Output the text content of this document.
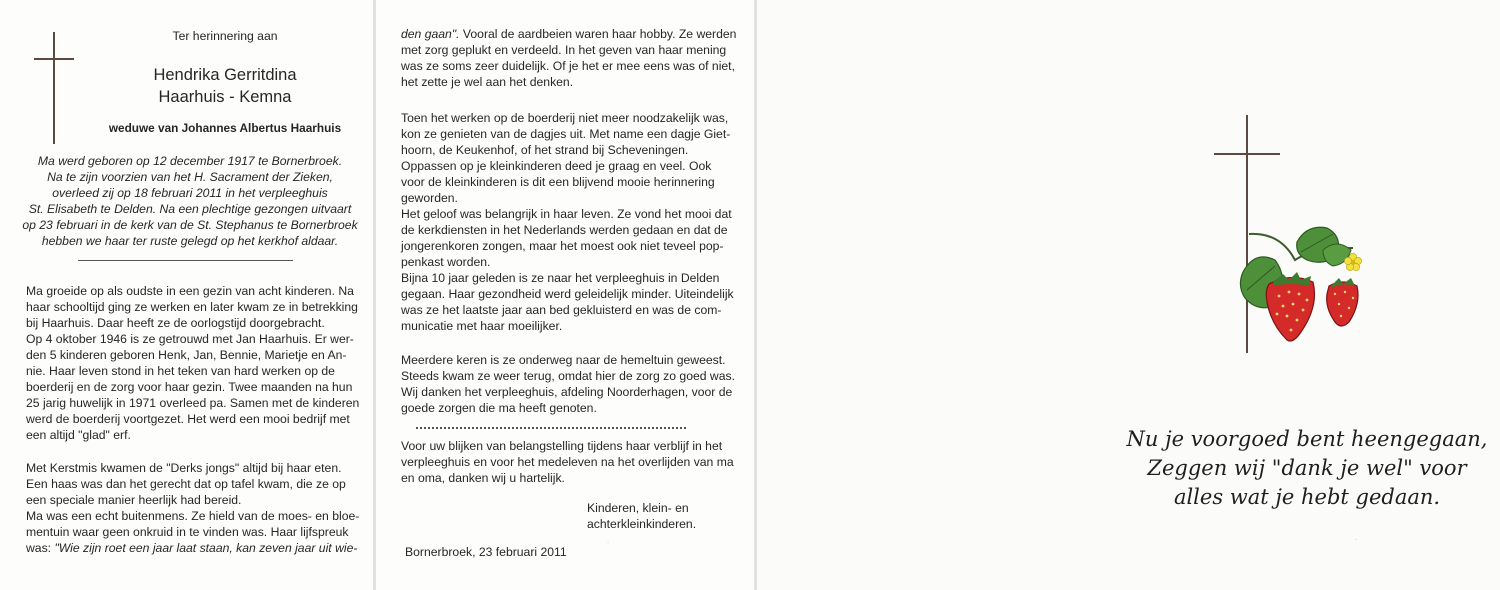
Ter herinnering aan
Hendrika Gerritdina
Haarhuis - Kemna
weduwe van Johannes Albertus Haarhuis
Ma werd geboren op 12 december 1917 te Bornerbroek.
Na te zijn voorzien van het H. Sacrament der Zieken,
overleed zij op 18 februari 2011 in het verpleeghuis
St. Elisabeth te Delden. Na een plechtige gezongen uitvaart
op 23 februari in de kerk van de St. Stephanus te Bornerbroek
hebben we haar ter ruste gelegd op het kerkhof aldaar.
Ma groeide op als oudste in een gezin van acht kinderen. Na
haar schooltijd ging ze werken en later kwam ze in betrekking
bij Haarhuis. Daar heeft ze de oorlogstijd doorgebracht.
Op 4 oktober 1946 is ze getrouwd met Jan Haarhuis. Er wer-
den 5 kinderen geboren Henk, Jan, Bennie, Marietje en An-
nie. Haar leven stond in het teken van hard werken op de
boerderij en de zorg voor haar gezin. Twee maanden na hun
25 jarig huwelijk in 1971 overleed pa. Samen met de kinderen
werd de boerderij voortgezet. Het werd een mooi bedrijf met
een altijd "glad" erf.
Met Kerstmis kwamen de "Derks jongs" altijd bij haar eten.
Een haas was dan het gerecht dat op tafel kwam, die ze op
een speciale manier heerlijk had bereid.
Ma was een echt buitenmens. Ze hield van de moes- en bloe-
mentuin waar geen onkruid in te vinden was. Haar lijfspreuk
was: "Wie zijn roet een jaar laat staan, kan zeven jaar uit wie-
den gaan". Vooral de aardbeien waren haar hobby. Ze werden
met zorg geplukt en verdeeld. In het geven van haar mening
was ze soms zeer duidelijk. Of je het er mee eens was of niet,
het zette je wel aan het denken.
Toen het werken op de boerderij niet meer noodzakelijk was,
kon ze genieten van de dagjes uit. Met name een dagje Giet-
hoorn, de Keukenhof, of het strand bij Scheveningen.
Oppassen op je kleinkinderen deed je graag en veel. Ook
voor de kleinkinderen is dit een blijvend mooie herinnering
geworden.
Het geloof was belangrijk in haar leven. Ze vond het mooi dat
de kerkdiensten in het Nederlands werden gedaan en dat de
jongerenkoren zongen, maar het moest ook niet teveel pop-
penkast worden.
Bijna 10 jaar geleden is ze naar het verpleeghuis in Delden
gegaan. Haar gezondheid werd geleidelijk minder. Uiteindelijk
was ze het laatste jaar aan bed gekluisterd en was de com-
municatie met haar moeilijker.
Meerdere keren is ze onderweg naar de hemeltuin geweest.
Steeds kwam ze weer terug, omdat hier de zorg zo goed was.
Wij danken het verpleeghuis, afdeling Noorderhagen, voor de
goede zorgen die ma heeft genoten.
Voor uw blijken van belangstelling tijdens haar verblijf in het
verpleeghuis en voor het medeleven na het overlijden van ma
en oma, danken wij u hartelijk.
Kinderen, klein- en
achterkleinkinderen.
Bornerbroek, 23 februari 2011	˙
Nu je voorgoed bent heengegaan,
Zeggen wij "dank je wel" voor
alles wat je hebt gedaan.
˙
